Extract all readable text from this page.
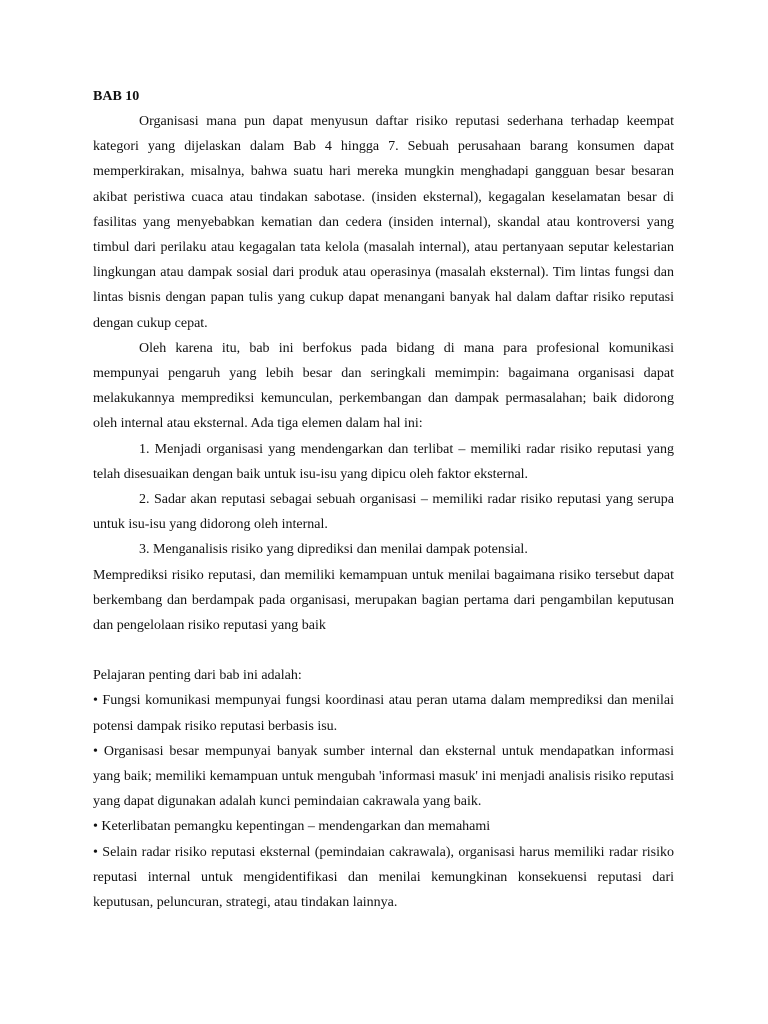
BAB 10

Organisasi mana pun dapat menyusun daftar risiko reputasi sederhana terhadap keempat kategori yang dijelaskan dalam Bab 4 hingga 7. Sebuah perusahaan barang konsumen dapat memperkirakan, misalnya, bahwa suatu hari mereka mungkin menghadapi gangguan besar besaran akibat peristiwa cuaca atau tindakan sabotase. (insiden eksternal), kegagalan keselamatan besar di fasilitas yang menyebabkan kematian dan cedera (insiden internal), skandal atau kontroversi yang timbul dari perilaku atau kegagalan tata kelola (masalah internal), atau pertanyaan seputar kelestarian lingkungan atau dampak sosial dari produk atau operasinya (masalah eksternal). Tim lintas fungsi dan lintas bisnis dengan papan tulis yang cukup dapat menangani banyak hal dalam daftar risiko reputasi dengan cukup cepat.

Oleh karena itu, bab ini berfokus pada bidang di mana para profesional komunikasi mempunyai pengaruh yang lebih besar dan seringkali memimpin: bagaimana organisasi dapat melakukannya memprediksi kemunculan, perkembangan dan dampak permasalahan; baik didorong oleh internal atau eksternal. Ada tiga elemen dalam hal ini:

1. Menjadi organisasi yang mendengarkan dan terlibat – memiliki radar risiko reputasi yang telah disesuaikan dengan baik untuk isu-isu yang dipicu oleh faktor eksternal.

2. Sadar akan reputasi sebagai sebuah organisasi – memiliki radar risiko reputasi yang serupa untuk isu-isu yang didorong oleh internal.

3. Menganalisis risiko yang diprediksi dan menilai dampak potensial.

Memprediksi risiko reputasi, dan memiliki kemampuan untuk menilai bagaimana risiko tersebut dapat berkembang dan berdampak pada organisasi, merupakan bagian pertama dari pengambilan keputusan dan pengelolaan risiko reputasi yang baik

Pelajaran penting dari bab ini adalah:

• Fungsi komunikasi mempunyai fungsi koordinasi atau peran utama dalam memprediksi dan menilai potensi dampak risiko reputasi berbasis isu.

• Organisasi besar mempunyai banyak sumber internal dan eksternal untuk mendapatkan informasi yang baik; memiliki kemampuan untuk mengubah 'informasi masuk' ini menjadi analisis risiko reputasi yang dapat digunakan adalah kunci pemindaian cakrawala yang baik.

• Keterlibatan pemangku kepentingan – mendengarkan dan memahami

• Selain radar risiko reputasi eksternal (pemindaian cakrawala), organisasi harus memiliki radar risiko reputasi internal untuk mengidentifikasi dan menilai kemungkinan konsekuensi reputasi dari keputusan, peluncuran, strategi, atau tindakan lainnya.
